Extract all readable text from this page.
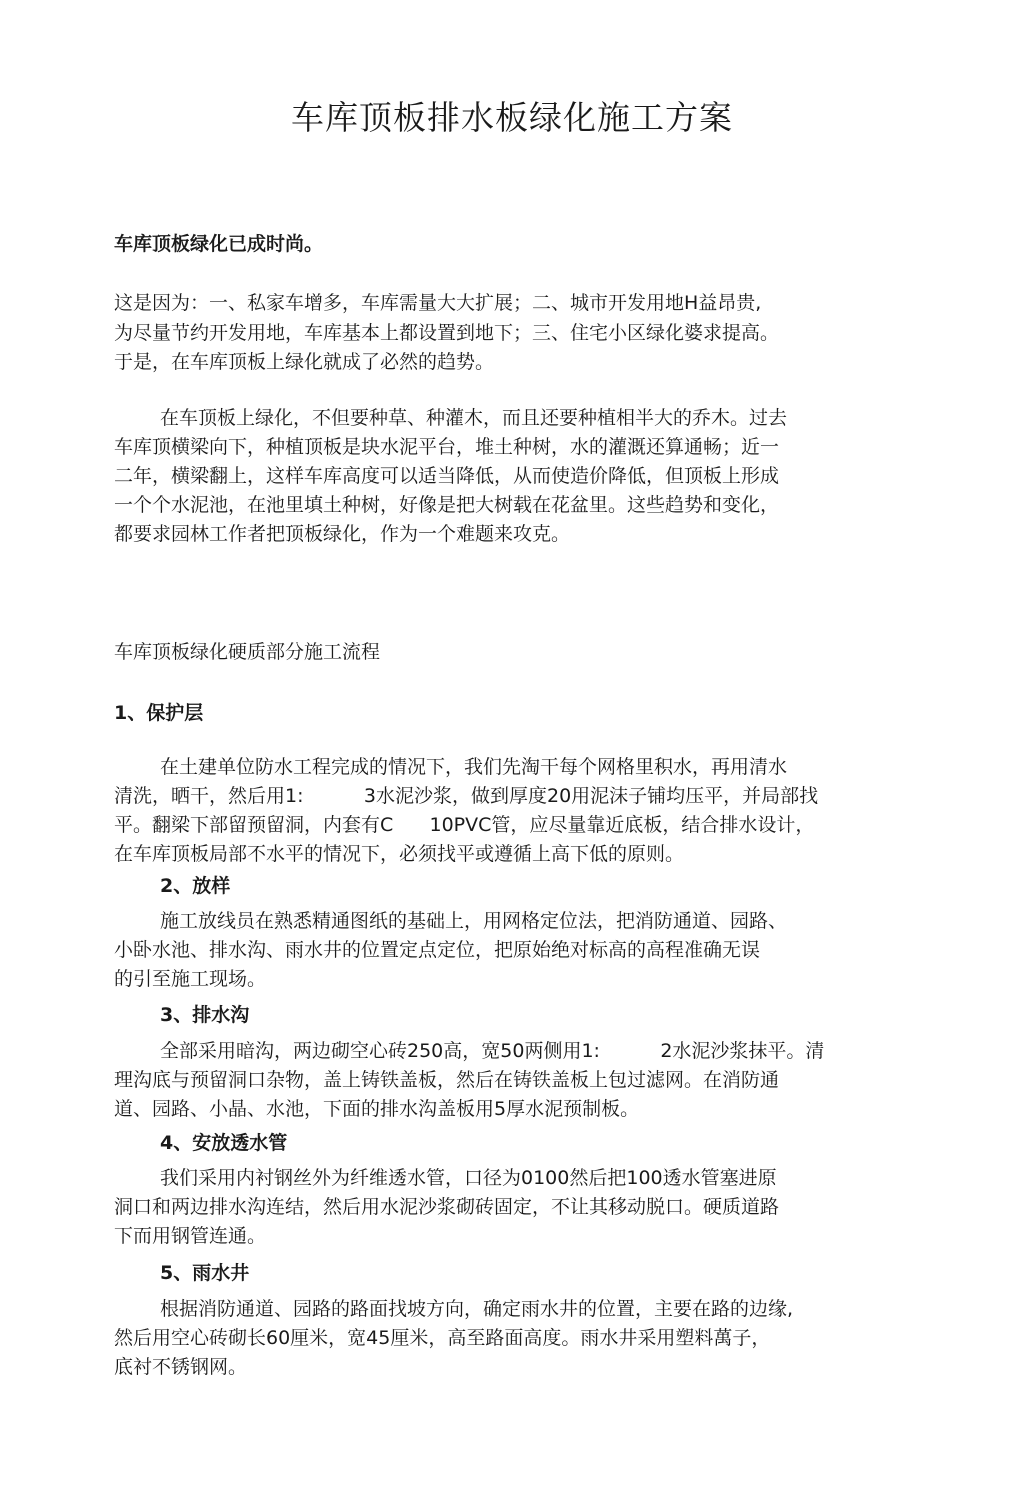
车库顶板排水板绿化施工方案

车库顶板绿化已成时尚。

这是因为：一、私家车增多，车库需量大大扩展；二、城市开发用地H益昂贵,

为尽量节约开发用地，车库基本上都设置到地下；三、住宅小区绿化婆求提高。

于是，在车库顶板上绿化就成了必然的趋势。

在车顶板上绿化，不但要种草、种灌木，而且还要种植相半大的乔木。过去

车库顶横梁向下，种植顶板是块水泥平台，堆土种树，水的灌溉还算通畅；近一

二年，横梁翻上，这样车库高度可以适当降低，从而使造价降低，但顶板上形成

一个个水泥池，在池里填土种树，好像是把大树载在花盆里。这些趋势和变化，

都要求园林工作者把顶板绿化，作为一个难题来攻克。

车库顶板绿化硬质部分施工流程

1、保护层

在土建单位防水工程完成的情况下，我们先淘干每个网格里积水，再用清水

清洗，晒干，然后用1:          3水泥沙浆，做到厚度20用泥沫子铺均压平，并局部找

平。翻梁下部留预留洞，内套有C      10PVC管，应尽量靠近底板，结合排水设计，

在车库顶板局部不水平的情况下，必须找平或遵循上高下低的原则。

2、放样

施工放线员在熟悉精通图纸的基础上，用网格定位法，把消防通道、园路、

小卧水池、排水沟、雨水井的位置定点定位，把原始绝对标高的高程准确无误

的引至施工现场。

3、排水沟

全部采用暗沟，两边砌空心砖250高，宽50两侧用1:          2水泥沙浆抹平。清

理沟底与预留洞口杂物，盖上铸铁盖板，然后在铸铁盖板上包过滤网。在消防通

道、园路、小晶、水池，下面的排水沟盖板用5厚水泥预制板。

4、安放透水管

我们采用内衬钢丝外为纤维透水管，口径为0100然后把100透水管塞进原

洞口和两边排水沟连结，然后用水泥沙浆砌砖固定，不让其移动脱口。硬质道路

下而用钢管连通。

5、雨水井

根据消防通道、园路的路面找坡方向，确定雨水井的位置，主要在路的边缘,

然后用空心砖砌长60厘米，宽45厘米，高至路面高度。雨水井采用塑料萬子，

底衬不锈钢网。
